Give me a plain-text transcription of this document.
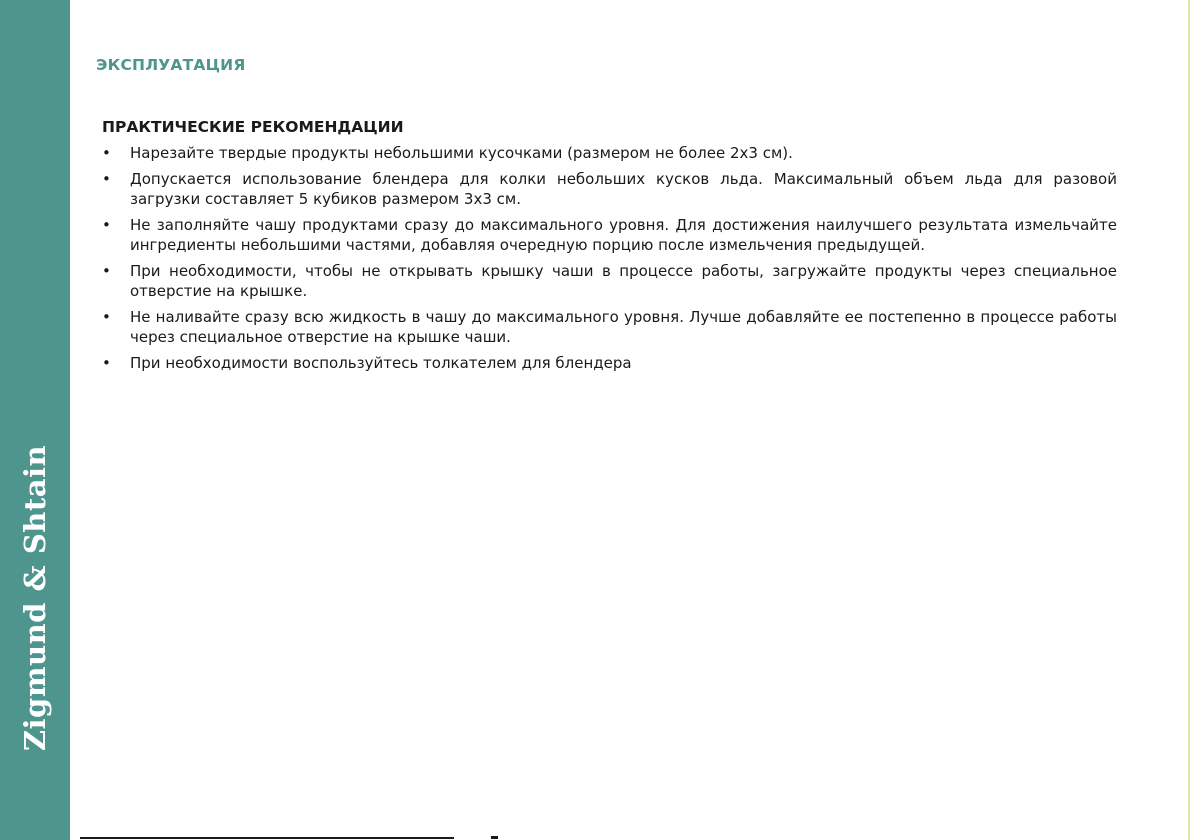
Zigmund & Shtain
ЭКСПЛУАТАЦИЯ
ПРАКТИЧЕСКИЕ РЕКОМЕНДАЦИИ
• Нарезайте твердые продукты небольшими кусочками (размером не более 2х3 см).
• Допускается использование блендера для колки небольших кусков льда. Максимальный объем льда для разовой загрузки составляет 5 кубиков размером 3х3 см.
• Не заполняйте чашу продуктами сразу до максимального уровня. Для достижения наилучшего результата измельчайте ингредиенты небольшими частями, добавляя очередную порцию после измельчения предыдущей.
• При необходимости, чтобы не открывать крышку чаши в процессе работы, загружайте продукты через специальное отверстие на крышке.
• Не наливайте сразу всю жидкость в чашу до максимального уровня. Лучше добавляйте ее постепенно в процессе работы через специальное отверстие на крышке чаши.
• При необходимости воспользуйтесь толкателем для блендера
